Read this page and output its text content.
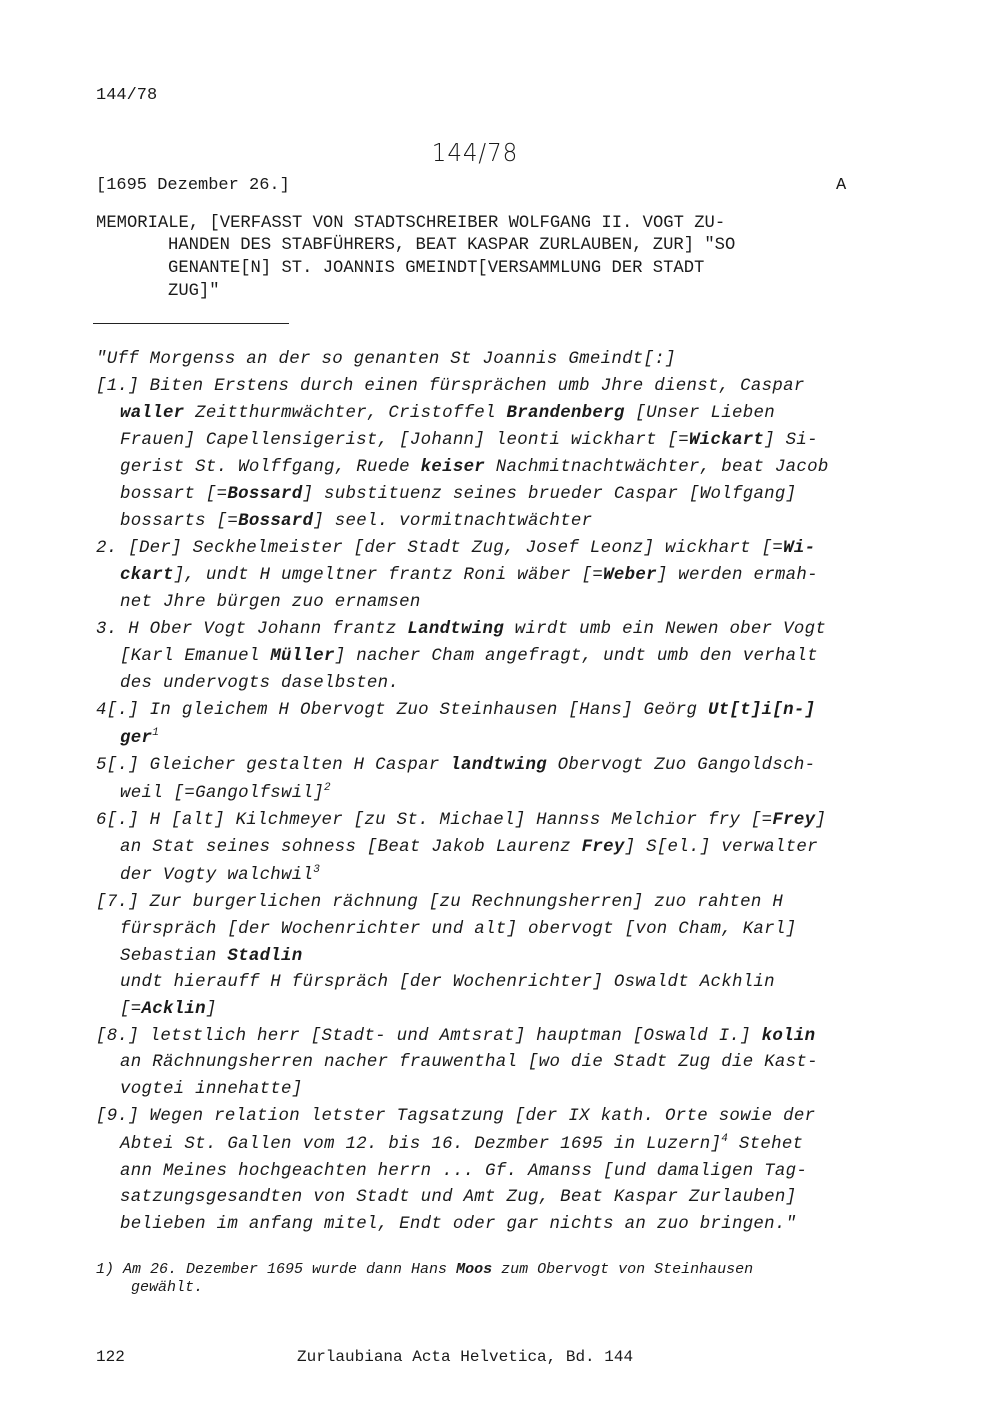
144/78
144/78
[1695 Dezember 26.]	A
MEMORIALE, [VERFASST VON STADTSCHREIBER WOLFGANG II. VOGT ZU-
HANDEN DES STABFÜHRERS, BEAT KASPAR ZURLAUBEN, ZUR] "SO
GENANTE[N] ST. JOANNIS GMEINDT[VERSAMMLUNG DER STADT
ZUG]"
"Uff Morgenss an der so genanten St Joannis Gmeindt[:]
[1.] Biten Erstens durch einen fürsprächen umb Jhre dienst, Caspar
waller Zeitthurmwächter, Cristoffel Brandenberg [Unser Lieben
Frauen] Capellensigerist, [Johann] leonti wickhart [=Wickart] Si-
gerist St. Wolffgang, Ruede keiser Nachmitnachtwächter, beat Jacob
bossart [=Bossard] substituenz seines brueder Caspar [Wolfgang]
bossarts [=Bossard] seel. vormitnachtwächter
2. [Der] Seckhelmeister [der Stadt Zug, Josef Leonz] wickhart [=Wi-
ckart], undt H umgeltner frantz Roni wäber [=Weber] werden ermah-
net Jhre bürgen zuo ernamsen
3. H Ober Vogt Johann frantz Landtwing wirdt umb ein Newen ober Vogt
[Karl Emanuel Müller] nacher Cham angefragt, undt umb den verhalt
des undervogts daselbsten.
4[.] In gleichem H Obervogt Zuo Steinhausen [Hans] Geörg Ut[t]i[n-]
ger$^1$
5[.] Gleicher gestalten H Caspar landtwing Obervogt Zuo Gangoldsch-
weil [=Gangolfswil]$^2$
6[.] H [alt] Kilchmeyer [zu St. Michael] Hannss Melchior fry [=Frey]
an Stat seines sohness [Beat Jakob Laurenz Frey] S[el.] verwalter
der Vogty walchwil$^3$
[7.] Zur burgerlichen rächnung [zu Rechnungsherren] zuo rahten H
fürspräch [der Wochenrichter und alt] obervogt [von Cham, Karl]
Sebastian Stadlin
undt hierauff H fürspräch [der Wochenrichter] Oswaldt Ackhlin
[=Acklin]
[8.] letstlich herr [Stadt- und Amtsrat] hauptman [Oswald I.] kolin
an Rächnungsherren nacher frauwenthal [wo die Stadt Zug die Kast-
vogtei innehatte]
[9.] Wegen relation letster Tagsatzung [der IX kath. Orte sowie der
Abtei St. Gallen vom 12. bis 16. Dezmber 1695 in Luzern]$^4$ Stehet
ann Meines hochgeachten herrn ... Gf. Amanss [und damaligen Tag-
satzungsgesandten von Stadt und Amt Zug, Beat Kaspar Zurlauben]
belieben im anfang mitel, Endt oder gar nichts an zuo bringen."
1) Am 26. Dezember 1695 wurde dann Hans Moos zum Obervogt von Steinhausen
gewählt.
122	Zurlaubiana Acta Helvetica, Bd. 144
